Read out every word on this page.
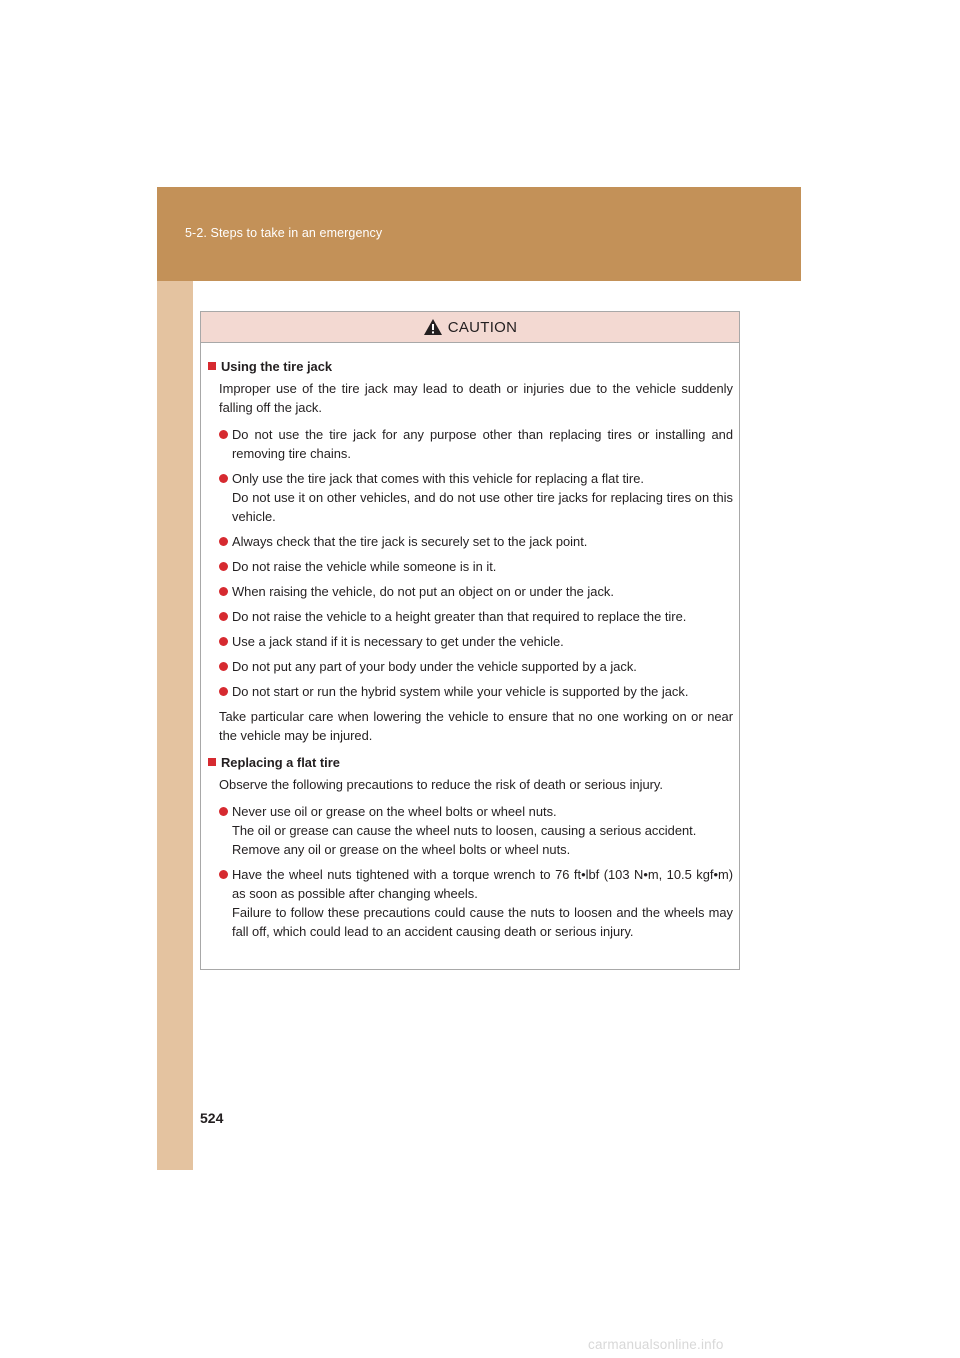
5-2. Steps to take in an emergency
CAUTION
Using the tire jack
Improper use of the tire jack may lead to death or injuries due to the vehicle suddenly falling off the jack.
Do not use the tire jack for any purpose other than replacing tires or installing and removing tire chains.
Only use the tire jack that comes with this vehicle for replacing a flat tire.
Do not use it on other vehicles, and do not use other tire jacks for replacing tires on this vehicle.
Always check that the tire jack is securely set to the jack point.
Do not raise the vehicle while someone is in it.
When raising the vehicle, do not put an object on or under the jack.
Do not raise the vehicle to a height greater than that required to replace the tire.
Use a jack stand if it is necessary to get under the vehicle.
Do not put any part of your body under the vehicle supported by a jack.
Do not start or run the hybrid system while your vehicle is supported by the jack.
Take particular care when lowering the vehicle to ensure that no one working on or near the vehicle may be injured.
Replacing a flat tire
Observe the following precautions to reduce the risk of death or serious injury.
Never use oil or grease on the wheel bolts or wheel nuts.
The oil or grease can cause the wheel nuts to loosen, causing a serious accident.
Remove any oil or grease on the wheel bolts or wheel nuts.
Have the wheel nuts tightened with a torque wrench to 76 ft•lbf (103 N•m, 10.5 kgf•m) as soon as possible after changing wheels.
Failure to follow these precautions could cause the nuts to loosen and the wheels may fall off, which could lead to an accident causing death or serious injury.
524
carmanualsonline.info
